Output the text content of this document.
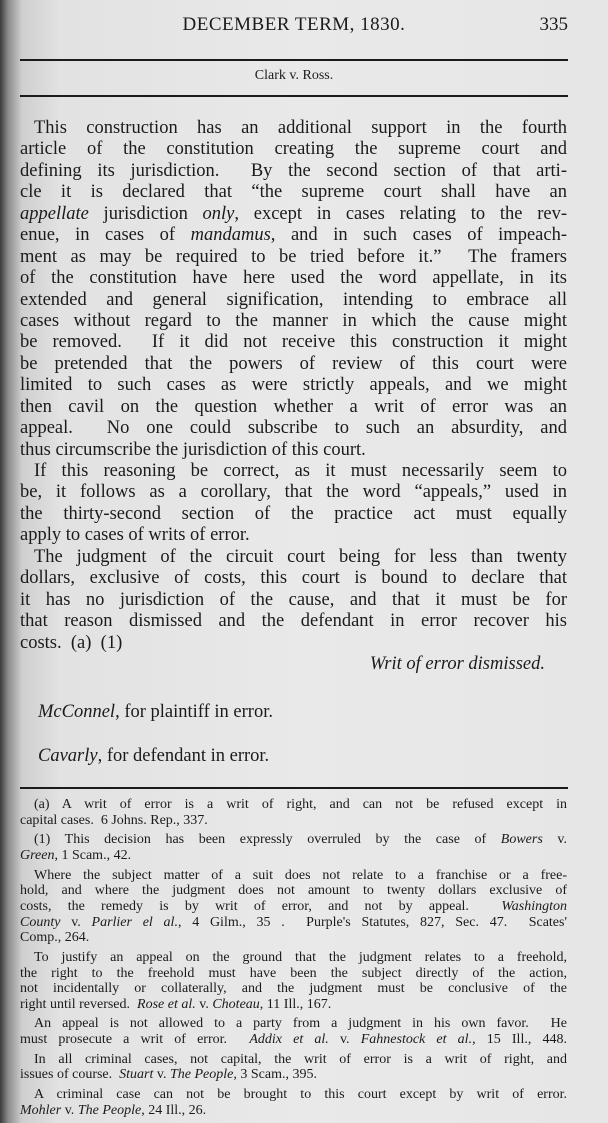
DECEMBER TERM, 1830.	335
Clark v. Ross.
This construction has an additional support in the fourth
article of the constitution creating the supreme court and
defining its jurisdiction.  By the second section of that arti-
cle it is declared that “the supreme court shall have an
appellate jurisdiction only, except in cases relating to the rev-
enue, in cases of mandamus, and in such cases of impeach-
ment as may be required to be tried before it.”  The framers
of the constitution have here used the word appellate, in its
extended and general signification, intending to embrace all
cases without regard to the manner in which the cause might
be removed.  If it did not receive this construction it might
be pretended that the powers of review of this court were
limited to such cases as were strictly appeals, and we might
then cavil on the question whether a writ of error was an
appeal.  No one could subscribe to such an absurdity, and
thus circumscribe the jurisdiction of this court.
If this reasoning be correct, as it must necessarily seem to
be, it follows as a corollary, that the word “appeals,” used in
the thirty-second section of the practice act must equally
apply to cases of writs of error.
The judgment of the circuit court being for less than twenty
dollars, exclusive of costs, this court is bound to declare that
it has no jurisdiction of the cause, and that it must be for
that reason dismissed and the defendant in error recover his
costs.  (a)  (1)
Writ of error dismissed.
McConnel, for plaintiff in error.
Cavarly, for defendant in error.
(a) A writ of error is a writ of right, and can not be refused except in
capital cases.  6 Johns. Rep., 337.
(1) This decision has been expressly overruled by the case of Bowers v.
Green, 1 Scam., 42.
Where the subject matter of a suit does not relate to a franchise or a free-
hold, and where the judgment does not amount to twenty dollars exclusive of
costs, the remedy is by writ of error, and not by appeal.  Washington
County v. Parlier el al., 4 Gilm., 35 .  Purple's Statutes, 827, Sec. 47.  Scates'
Comp., 264.
To justify an appeal on the ground that the judgment relates to a freehold,
the right to the freehold must have been the subject directly of the action,
not incidentally or collaterally, and the judgment must be conclusive of the
right until reversed.  Rose et al. v. Choteau, 11 Ill., 167.
An appeal is not allowed to a party from a judgment in his own favor.  He
must prosecute a writ of error.  Addix et al. v. Fahnestock et al., 15 Ill., 448.
In all criminal cases, not capital, the writ of error is a writ of right, and
issues of course.  Stuart v. The People, 3 Scam., 395.
A criminal case can not be brought to this court except by writ of error.
Mohler v. The People, 24 Ill., 26.
